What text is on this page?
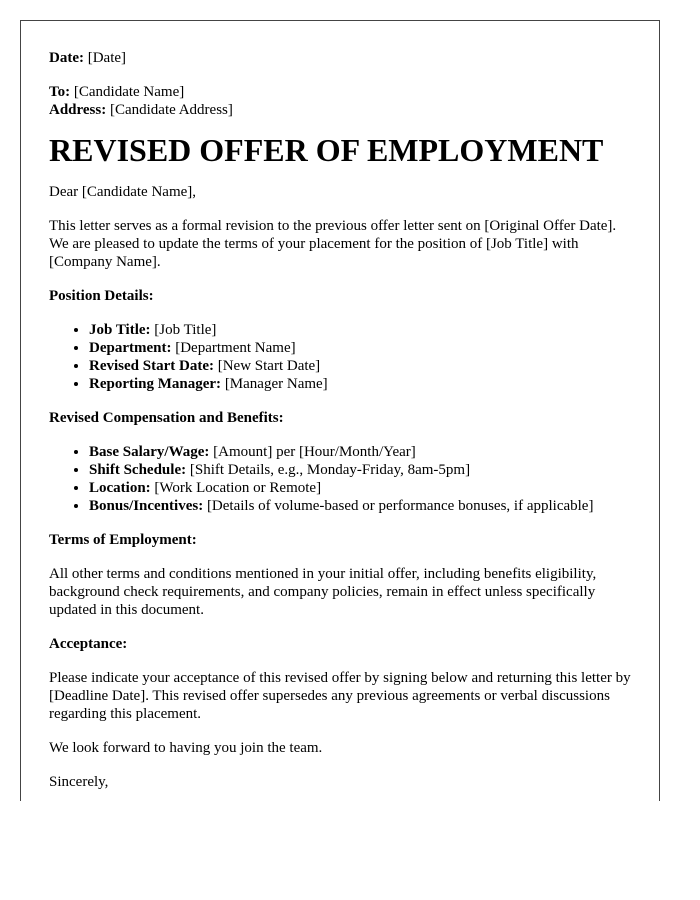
Date: [Date]

To: [Candidate Name]

Address: [Candidate Address]

REVISED OFFER OF EMPLOYMENT

Dear [Candidate Name],

This letter serves as a formal revision to the previous offer letter sent on [Original Offer Date]. We are pleased to update the terms of your placement for the position of [Job Title] with [Company Name].

Position Details:

• Job Title: [Job Title]
• Department: [Department Name]
• Revised Start Date: [New Start Date]
• Reporting Manager: [Manager Name]

Revised Compensation and Benefits:

• Base Salary/Wage: [Amount] per [Hour/Month/Year]
• Shift Schedule: [Shift Details, e.g., Monday-Friday, 8am-5pm]
• Location: [Work Location or Remote]
• Bonus/Incentives: [Details of volume-based or performance bonuses, if applicable]

Terms of Employment:

All other terms and conditions mentioned in your initial offer, including benefits eligibility, background check requirements, and company policies, remain in effect unless specifically updated in this document.

Acceptance:

Please indicate your acceptance of this revised offer by signing below and returning this letter by [Deadline Date]. This revised offer supersedes any previous agreements or verbal discussions regarding this placement.

We look forward to having you join the team.

Sincerely,
